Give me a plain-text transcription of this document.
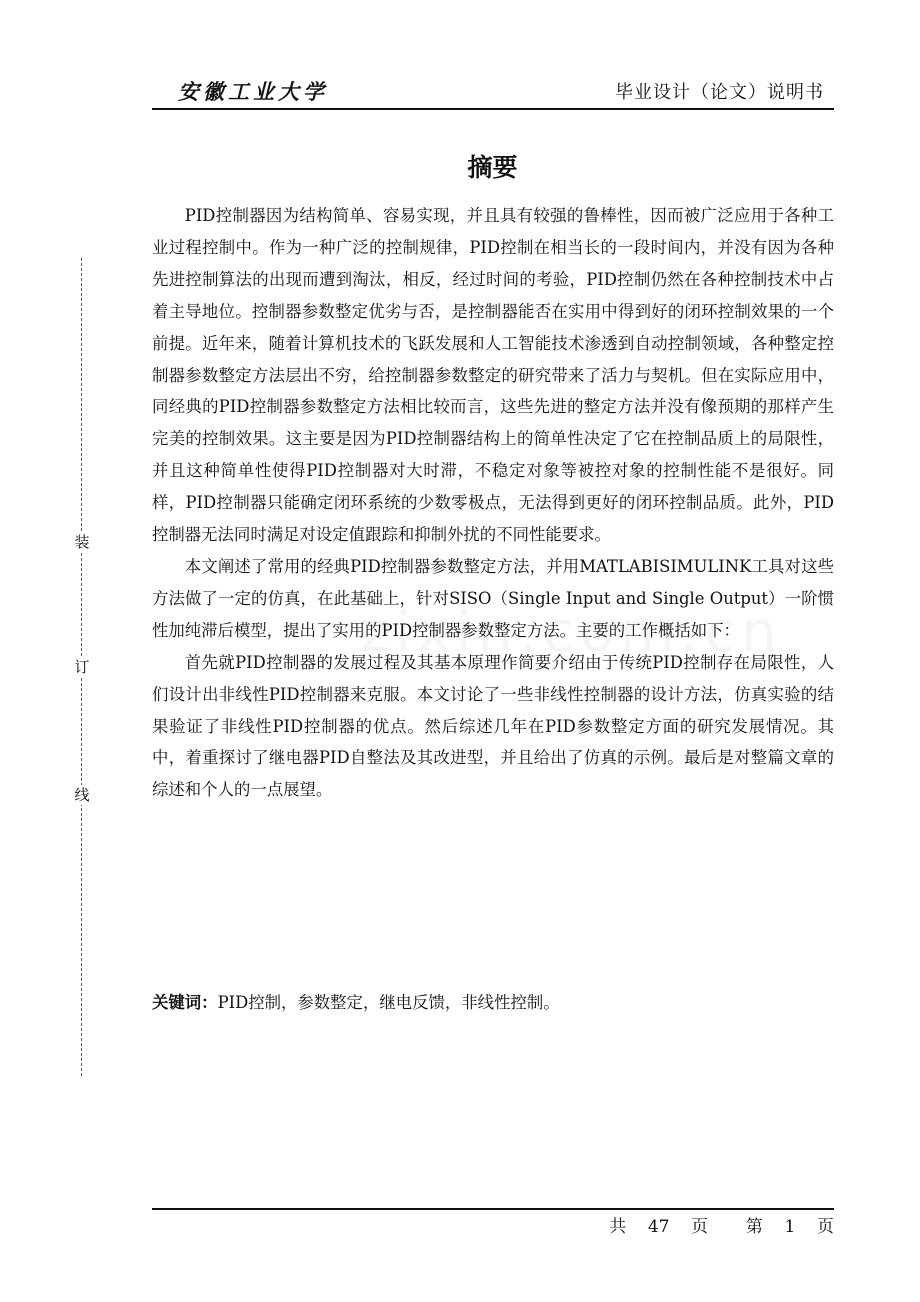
安徽工业大学	毕业设计（论文）说明书
装
订
线
摘要

PID控制器因为结构简单、容易实现，并且具有较强的鲁棒性，因而被广泛应用于各种工业过程控制中。作为一种广泛的控制规律，PID控制在相当长的一段时间内，并没有因为各种先进控制算法的出现而遭到淘汰，相反，经过时间的考验，PID控制仍然在各种控制技术中占着主导地位。控制器参数整定优劣与否，是控制器能否在实用中得到好的闭环控制效果的一个前提。近年来，随着计算机技术的飞跃发展和人工智能技术渗透到自动控制领域，各种整定控制器参数整定方法层出不穷，给控制器参数整定的研究带来了活力与契机。但在实际应用中，同经典的PID控制器参数整定方法相比较而言，这些先进的整定方法并没有像预期的那样产生完美的控制效果。这主要是因为PID控制器结构上的简单性决定了它在控制品质上的局限性，并且这种简单性使得PID控制器对大时滞，不稳定对象等被控对象的控制性能不是很好。同样，PID控制器只能确定闭环系统的少数零极点，无法得到更好的闭环控制品质。此外，PID控制器无法同时满足对设定值跟踪和抑制外扰的不同性能要求。

本文阐述了常用的经典PID控制器参数整定方法，并用MATLABISIMULINK工具对这些方法做了一定的仿真，在此基础上，针对SISO（Single Input and Single Output）一阶惯性加纯滞后模型，提出了实用的PID控制器参数整定方法。主要的工作概括如下：

首先就PID控制器的发展过程及其基本原理作简要介绍由于传统PID控制存在局限性，人们设计出非线性PID控制器来克服。本文讨论了一些非线性控制器的设计方法，仿真实验的结果验证了非线性PID控制器的优点。然后综述几年在PID参数整定方面的研究发展情况。其中，着重探讨了继电器PID自整法及其改进型，并且给出了仿真的示例。最后是对整篇文章的综述和个人的一点展望。

关键词：PID控制，参数整定，继电反馈，非线性控制。
共 47 页 第 1 页
